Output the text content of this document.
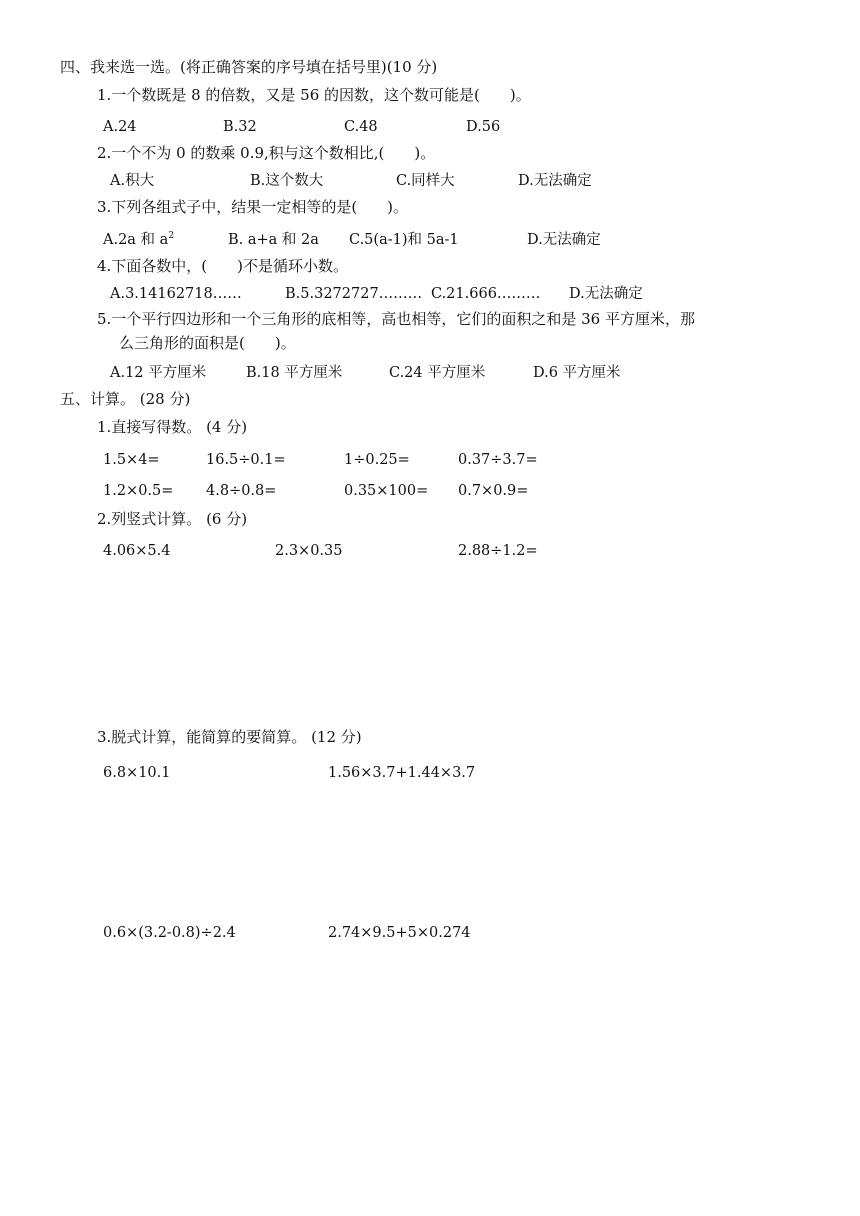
四、我来选一选。(将正确答案的序号填在括号里)(10 分)
1.一个数既是 8 的倍数，又是 56 的因数，这个数可能是(　　)。
A.24	B.32	C.48	D.56
2.一个不为 0 的数乘 0.9,积与这个数相比,(　　)。
A.积大	B.这个数大	C.同样大	D.无法确定
3.下列各组式子中，结果一定相等的是(　　)。
A.2a 和 $a^2$	B. a+a 和 2a C.5(a-1)和 5a-1	D.无法确定
4.下面各数中，(　　)不是循环小数。
A.3.14162718……	B.5.3272727……… C.21.666……… D.无法确定
5.一个平行四边形和一个三角形的底相等，高也相等，它们的面积之和是 36 平方厘米，那
么三角形的面积是(　　)。
A.12 平方厘米	B.18 平方厘米	C.24 平方厘米	D.6 平方厘米
五、计算。 (28 分)
1.直接写得数。 (4 分)
1.5×4=	16.5÷0.1=	1÷0.25=	0.37÷3.7=
1.2×0.5= 4.8÷0.8=	0.35×100= 0.7×0.9=
2.列竖式计算。 (6 分)
4.06×5.4	2.3×0.35	2.88÷1.2=
3.脱式计算，能简算的要简算。 (12 分)
6.8×10.1	1.56×3.7+1.44×3.7
0.6×(3.2-0.8)÷2.4	2.74×9.5+5×0.274
